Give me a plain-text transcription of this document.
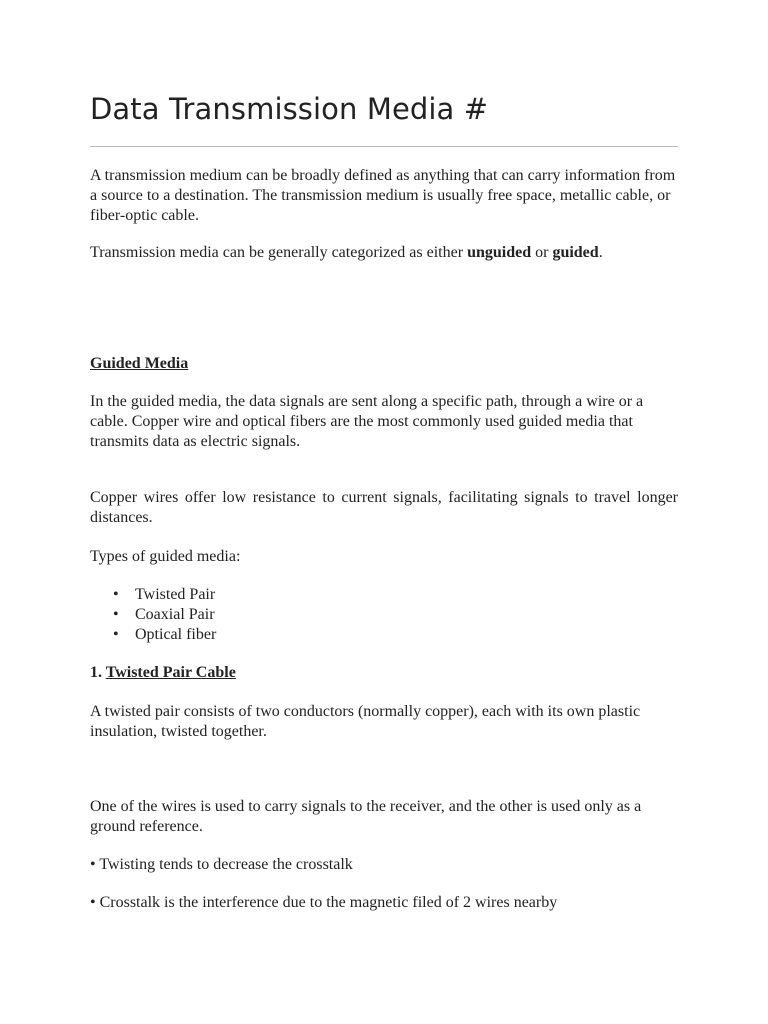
Data Transmission Media #

A transmission medium can be broadly defined as anything that can carry information from a source to a destination. The transmission medium is usually free space, metallic cable, or fiber-optic cable.

Transmission media can be generally categorized as either unguided or guided.

Guided Media

In the guided media, the data signals are sent along a specific path, through a wire or a cable. Copper wire and optical fibers are the most commonly used guided media that transmits data as electric signals.

Copper wires offer low resistance to current signals, facilitating signals to travel longer distances.

Types of guided media:

• Twisted Pair
• Coaxial Pair
• Optical fiber

1. Twisted Pair Cable

A twisted pair consists of two conductors (normally copper), each with its own plastic insulation, twisted together.

One of the wires is used to carry signals to the receiver, and the other is used only as a ground reference.

• Twisting tends to decrease the crosstalk

• Crosstalk is the interference due to the magnetic filed of 2 wires nearby
